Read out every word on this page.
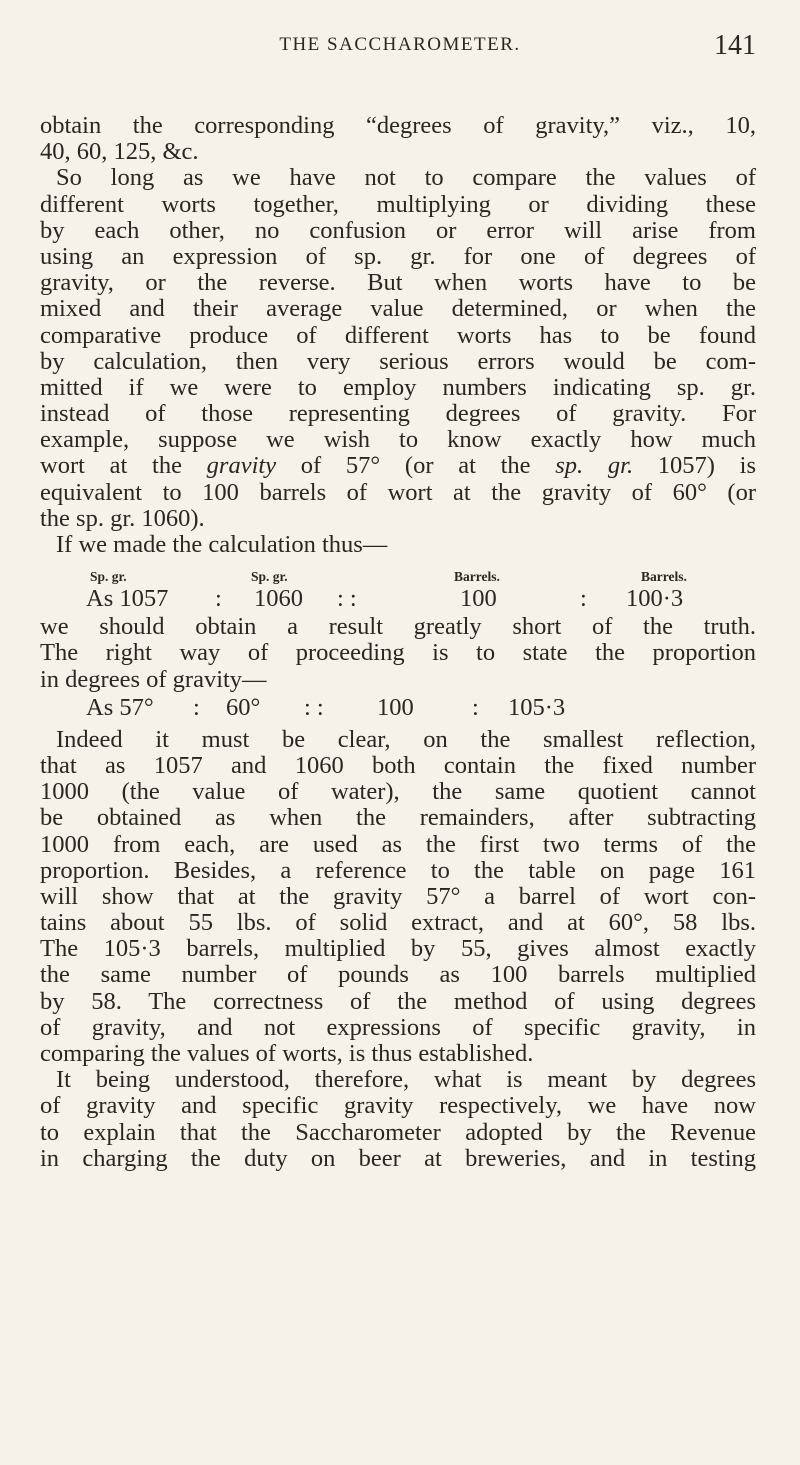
THE SACCHAROMETER.	141
obtain the corresponding “degrees of gravity,” viz., 10,
40, 60, 125, &c.
So long as we have not to compare the values of
different worts together, multiplying or dividing these
by each other, no confusion or error will arise from
using an expression of sp. gr. for one of degrees of
gravity, or the reverse. But when worts have to be
mixed and their average value determined, or when the
comparative produce of different worts has to be found
by calculation, then very serious errors would be com-
mitted if we were to employ numbers indicating sp. gr.
instead of those representing degrees of gravity. For
example, suppose we wish to know exactly how much
wort at the gravity of 57° (or at the sp. gr. 1057) is
equivalent to 100 barrels of wort at the gravity of 60° (or
the sp. gr. 1060).
If we made the calculation thus—
Sp. gr.	Sp. gr.	Barrels.	Barrels.
As 1057 : 1060 : :	100	: 100·3
we should obtain a result greatly short of the truth.
The right way of proceeding is to state the proportion
in degrees of gravity—
As 57° : 60° : : 100 : 105·3
Indeed it must be clear, on the smallest reflection,
that as 1057 and 1060 both contain the fixed number
1000 (the value of water), the same quotient cannot
be obtained as when the remainders, after subtracting
1000 from each, are used as the first two terms of the
proportion. Besides, a reference to the table on page 161
will show that at the gravity 57° a barrel of wort con-
tains about 55 lbs. of solid extract, and at 60°, 58 lbs.
The 105·3 barrels, multiplied by 55, gives almost exactly
the same number of pounds as 100 barrels multiplied
by 58. The correctness of the method of using degrees
of gravity, and not expressions of specific gravity, in
comparing the values of worts, is thus established.
It being understood, therefore, what is meant by degrees
of gravity and specific gravity respectively, we have now
to explain that the Saccharometer adopted by the Revenue
in charging the duty on beer at breweries, and in testing
